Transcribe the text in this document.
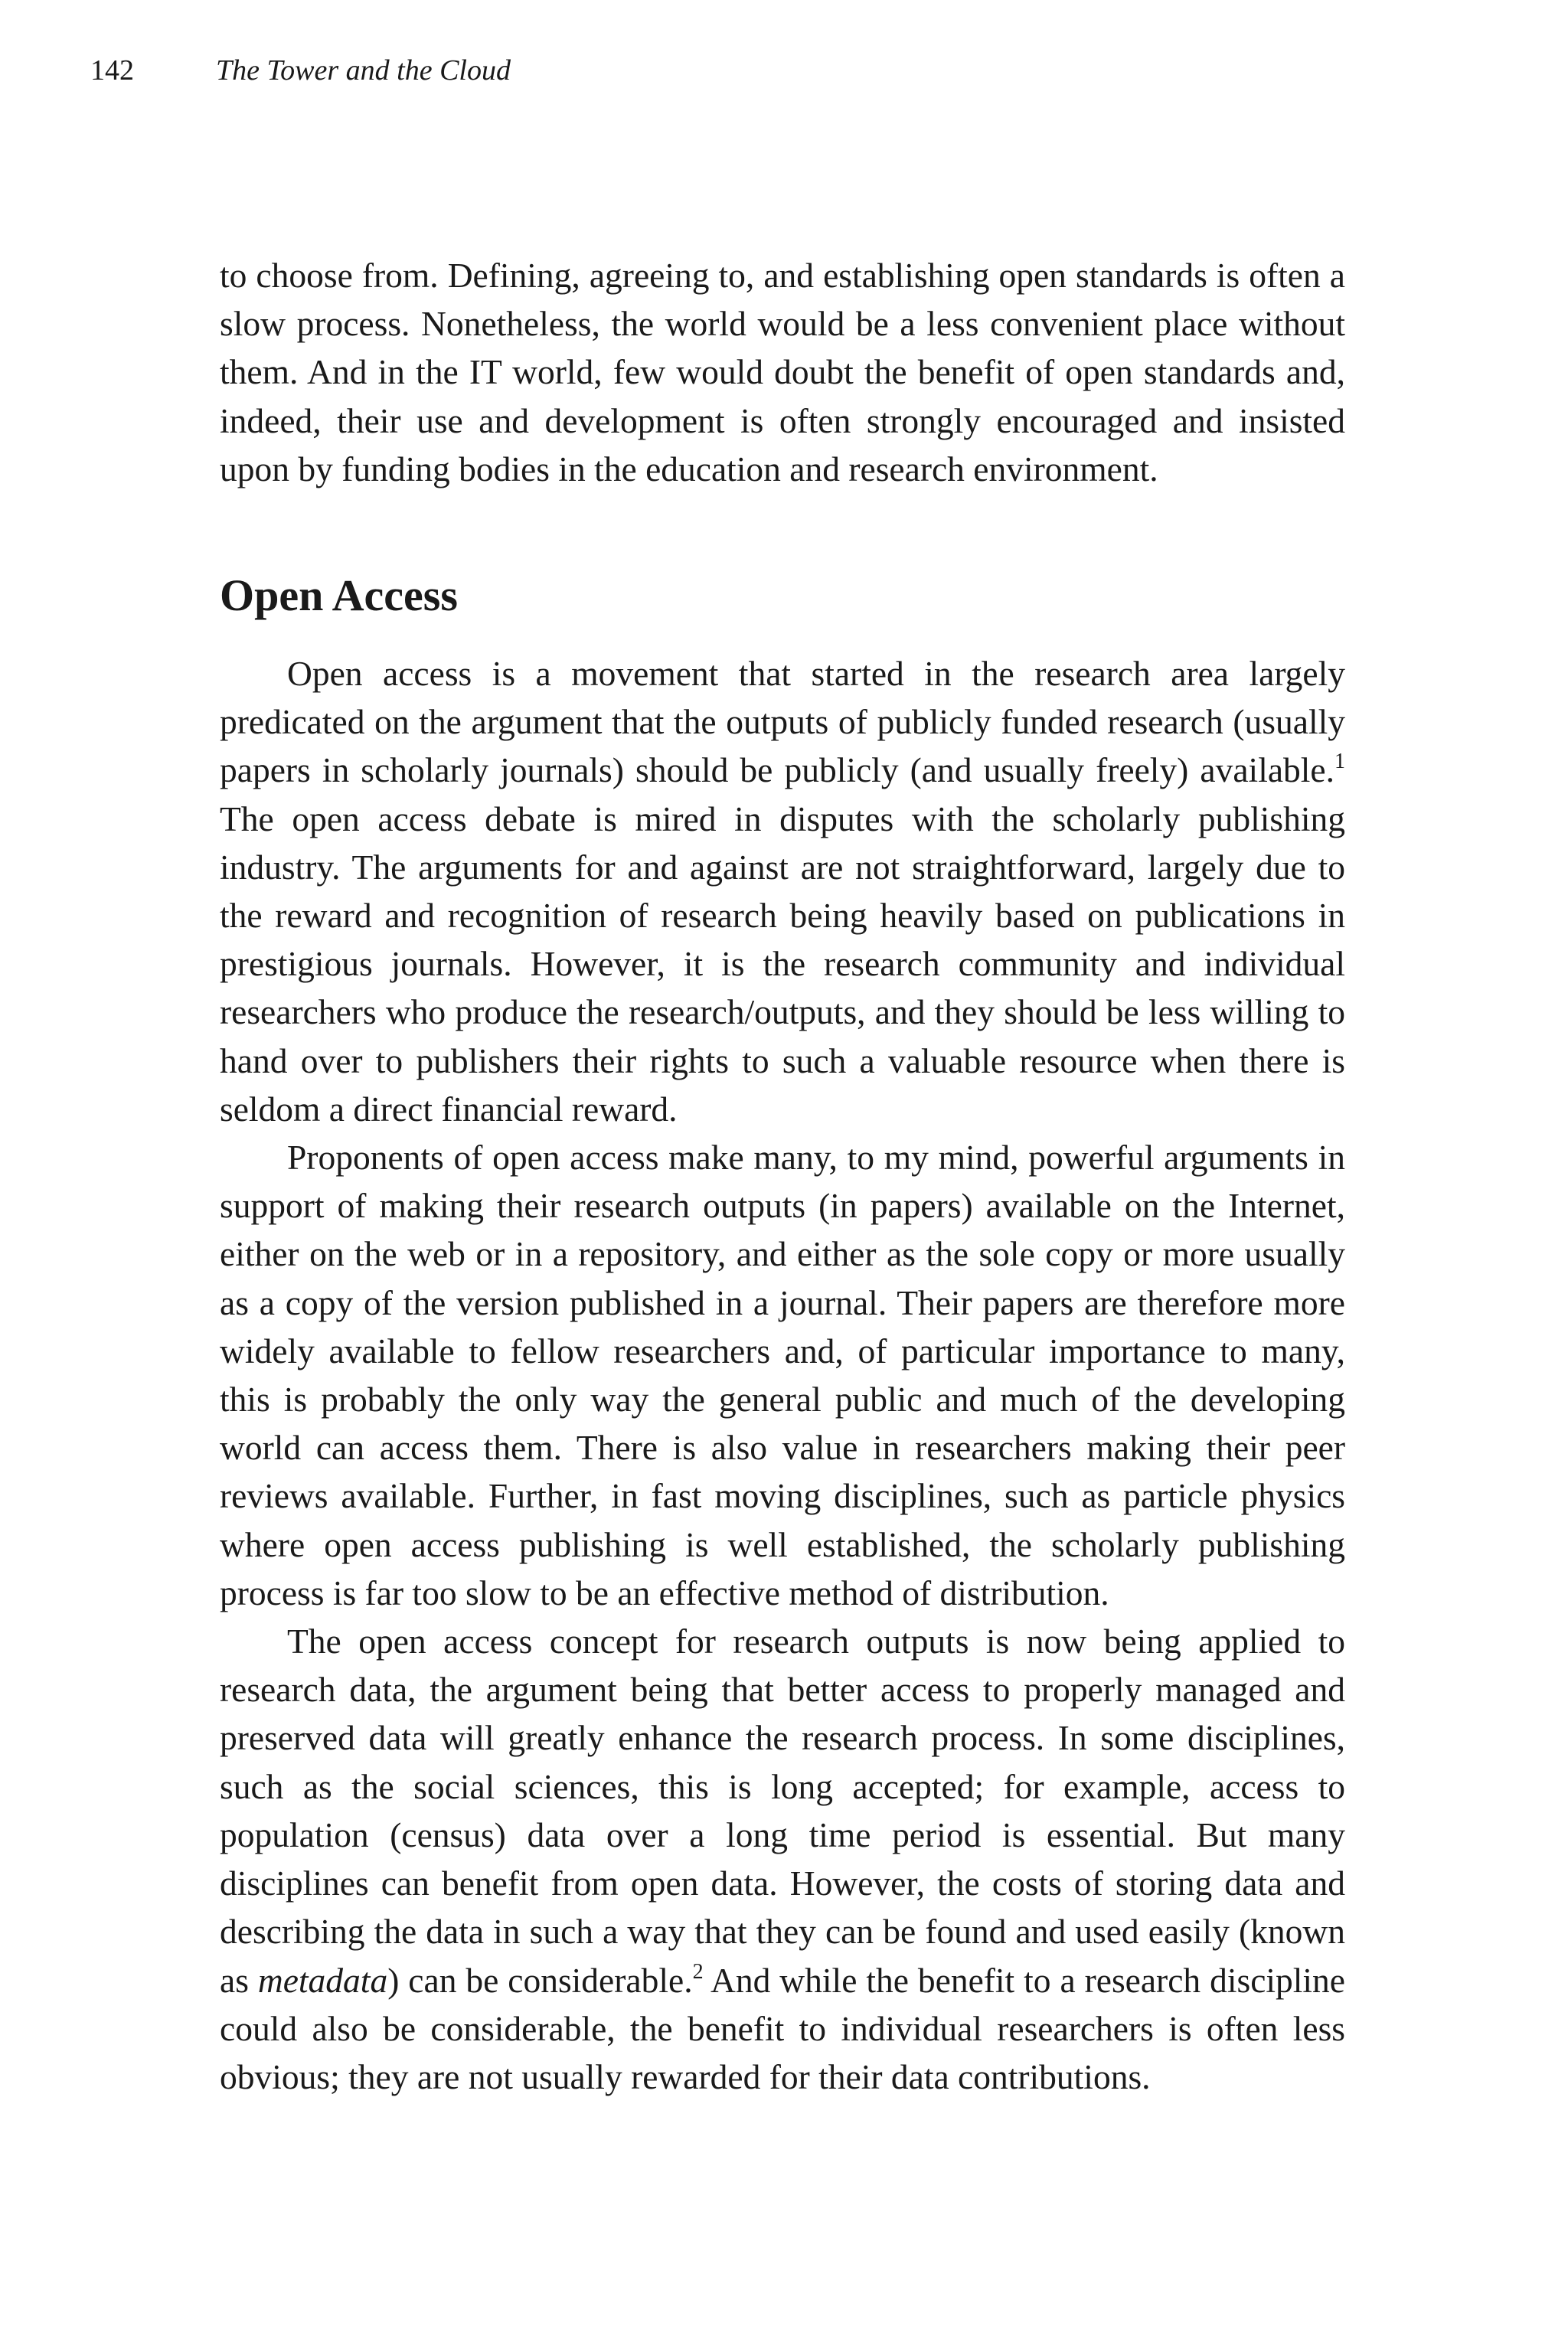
142	The Tower and the Cloud

to choose from. Defining, agreeing to, and establishing open standards is often a slow process. Nonetheless, the world would be a less convenient place without them. And in the IT world, few would doubt the benefit of open standards and, indeed, their use and development is often strongly encouraged and insisted upon by funding bodies in the education and research environment.

Open Access

Open access is a movement that started in the research area largely predicated on the argument that the outputs of publicly funded research (usually papers in scholarly journals) should be publicly (and usually freely) available.$^1$ The open access debate is mired in disputes with the scholarly publishing industry. The arguments for and against are not straightforward, largely due to the reward and recognition of research being heavily based on publications in prestigious journals. However, it is the research community and individual researchers who produce the research/outputs, and they should be less willing to hand over to publishers their rights to such a valuable resource when there is seldom a direct financial reward.

Proponents of open access make many, to my mind, powerful arguments in support of making their research outputs (in papers) available on the Internet, either on the web or in a repository, and either as the sole copy or more usually as a copy of the version published in a journal. Their papers are therefore more widely available to fellow researchers and, of particular importance to many, this is probably the only way the general public and much of the developing world can access them. There is also value in researchers making their peer reviews available. Further, in fast moving disciplines, such as particle physics where open access publishing is well established, the scholarly publishing process is far too slow to be an effective method of distribution.

The open access concept for research outputs is now being applied to research data, the argument being that better access to properly managed and preserved data will greatly enhance the research process. In some disciplines, such as the social sciences, this is long accepted; for example, access to population (census) data over a long time period is essential. But many disciplines can benefit from open data. However, the costs of storing data and describing the data in such a way that they can be found and used easily (known as metadata) can be considerable.$^2$ And while the benefit to a research discipline could also be considerable, the benefit to individual researchers is often less obvious; they are not usually rewarded for their data contributions.
